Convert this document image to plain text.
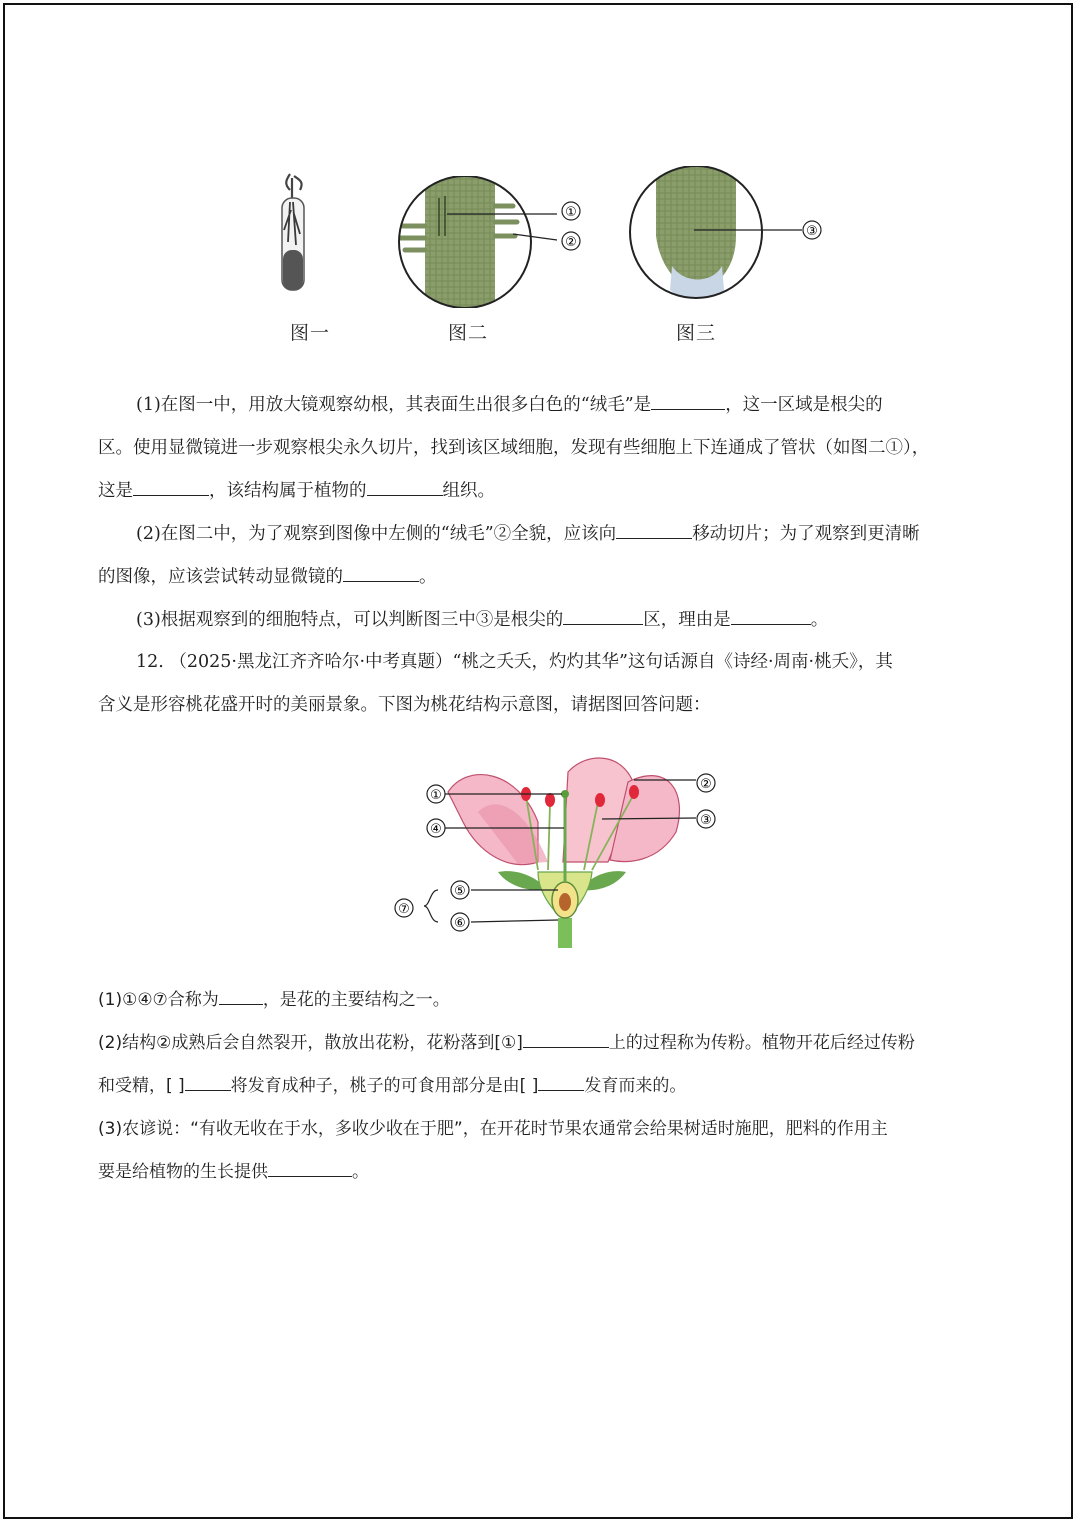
图一
①
②
图二
③
图三
(1)在图一中，用放大镜观察幼根，其表面生出很多白色的“绒毛”是	，这一区域是根尖的
区。使用显微镜进一步观察根尖永久切片，找到该区域细胞，发现有些细胞上下连通成了管状（如图二①），
这是	，该结构属于植物的	组织。
(2)在图二中，为了观察到图像中左侧的“绒毛”②全貌，应该向	移动切片；为了观察到更清晰
的图像，应该尝试转动显微镜的	。
(3)根据观察到的细胞特点，可以判断图三中③是根尖的	区，理由是	。
12. （2025·黑龙江齐齐哈尔·中考真题）“桃之夭夭，灼灼其华”这句话源自《诗经·周南·桃夭》，其
含义是形容桃花盛开时的美丽景象。下图为桃花结构示意图，请据图回答问题：
①
②
③
④
⑤
⑥
⑦
(1)①④⑦合称为	，是花的主要结构之一。
(2)结构②成熟后会自然裂开，散放出花粉，花粉落到[①]	上的过程称为传粉。植物开花后经过传粉
和受精，[ ]	将发育成种子，桃子的可食用部分是由[ ]	发育而来的。
(3)农谚说：“有收无收在于水，多收少收在于肥”，在开花时节果农通常会给果树适时施肥，肥料的作用主
要是给植物的生长提供	。
